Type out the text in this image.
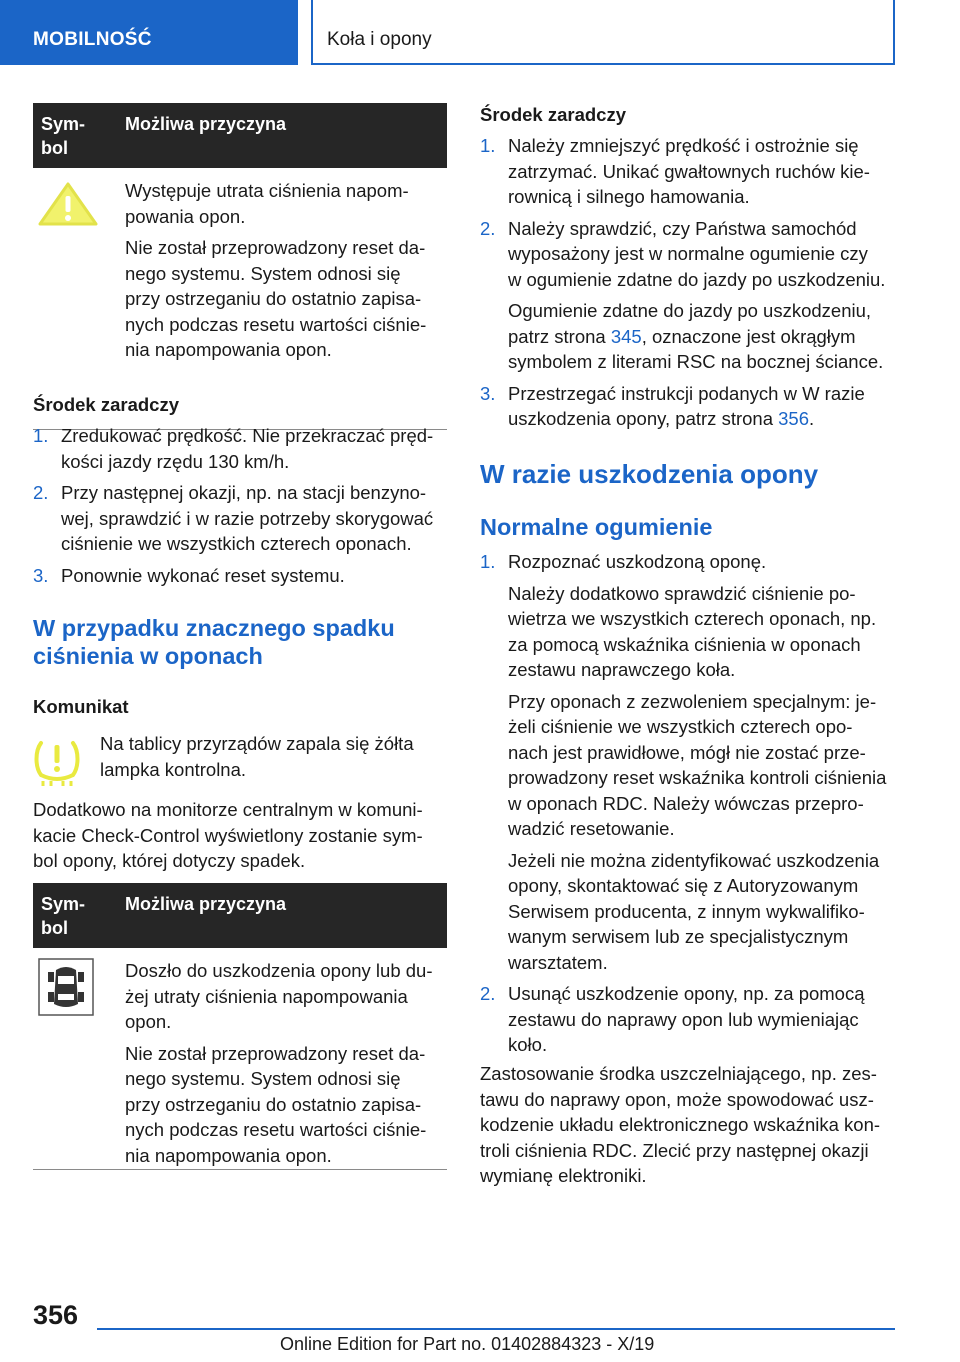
MOBILNOŚĆ	Koła i opony
Sym-
bol
Możliwa przyczyna

Występuje utrata ciśnienia napom-
powania opon.

Nie został przeprowadzony reset da-
nego systemu. System odnosi się
przy ostrzeganiu do ostatnio zapisa-
nych podczas resetu wartości ciśnie-
nia napompowania opon.

Środek zaradczy
1. Zredukować prędkość. Nie przekraczać pręd-
kości jazdy rzędu 130 km/h.
2. Przy następnej okazji, np. na stacji benzyno-
wej, sprawdzić i w razie potrzeby skorygować
ciśnienie we wszystkich czterech oponach.
3. Ponownie wykonać reset systemu.
W przypadku znacznego spadku
ciśnienia w oponach
Komunikat

Na tablicy przyrządów zapala się żółta
lampka kontrolna.

Dodatkowo na monitorze centralnym w komuni-
kacie Check-Control wyświetlony zostanie sym-
bol opony, której dotyczy spadek.

Sym-
bol
Możliwa przyczyna

Doszło do uszkodzenia opony lub du-
żej utraty ciśnienia napompowania
opon.

Nie został przeprowadzony reset da-
nego systemu. System odnosi się
przy ostrzeganiu do ostatnio zapisa-
nych podczas resetu wartości ciśnie-
nia napompowania opon.

Środek zaradczy
1. Należy zmniejszyć prędkość i ostrożnie się
zatrzymać. Unikać gwałtownych ruchów kie-
rownicą i silnego hamowania.
2. Należy sprawdzić, czy Państwa samochód
wyposażony jest w normalne ogumienie czy
w ogumienie zdatne do jazdy po uszkodzeniu.

Ogumienie zdatne do jazdy po uszkodzeniu,
patrz strona 345, oznaczone jest okrągłym
symbolem z literami RSC na bocznej ściance.

3. Przestrzegać instrukcji podanych w W razie
uszkodzenia opony, patrz strona 356.
W razie uszkodzenia opony
Normalne ogumienie
1. Rozpoznać uszkodzoną oponę.

Należy dodatkowo sprawdzić ciśnienie po-
wietrza we wszystkich czterech oponach, np.
za pomocą wskaźnika ciśnienia w oponach
zestawu naprawczego koła.

Przy oponach z zezwoleniem specjalnym: je-
żeli ciśnienie we wszystkich czterech opo-
nach jest prawidłowe, mógł nie zostać prze-
prowadzony reset wskaźnika kontroli ciśnienia
w oponach RDC. Należy wówczas przepro-
wadzić resetowanie.

Jeżeli nie można zidentyfikować uszkodzenia
opony, skontaktować się z Autoryzowanym
Serwisem producenta, z innym wykwalifiko-
wanym serwisem lub ze specjalistycznym
warsztatem.

2. Usunąć uszkodzenie opony, np. za pomocą
zestawu do naprawy opon lub wymieniając
koło.

Zastosowanie środka uszczelniającego, np. zes-
tawu do naprawy opon, może spowodować usz-
kodzenie układu elektronicznego wskaźnika kon-
troli ciśnienia RDC. Zlecić przy następnej okazji
wymianę elektroniki.

356
Online Edition for Part no. 01402884323 - X/19
